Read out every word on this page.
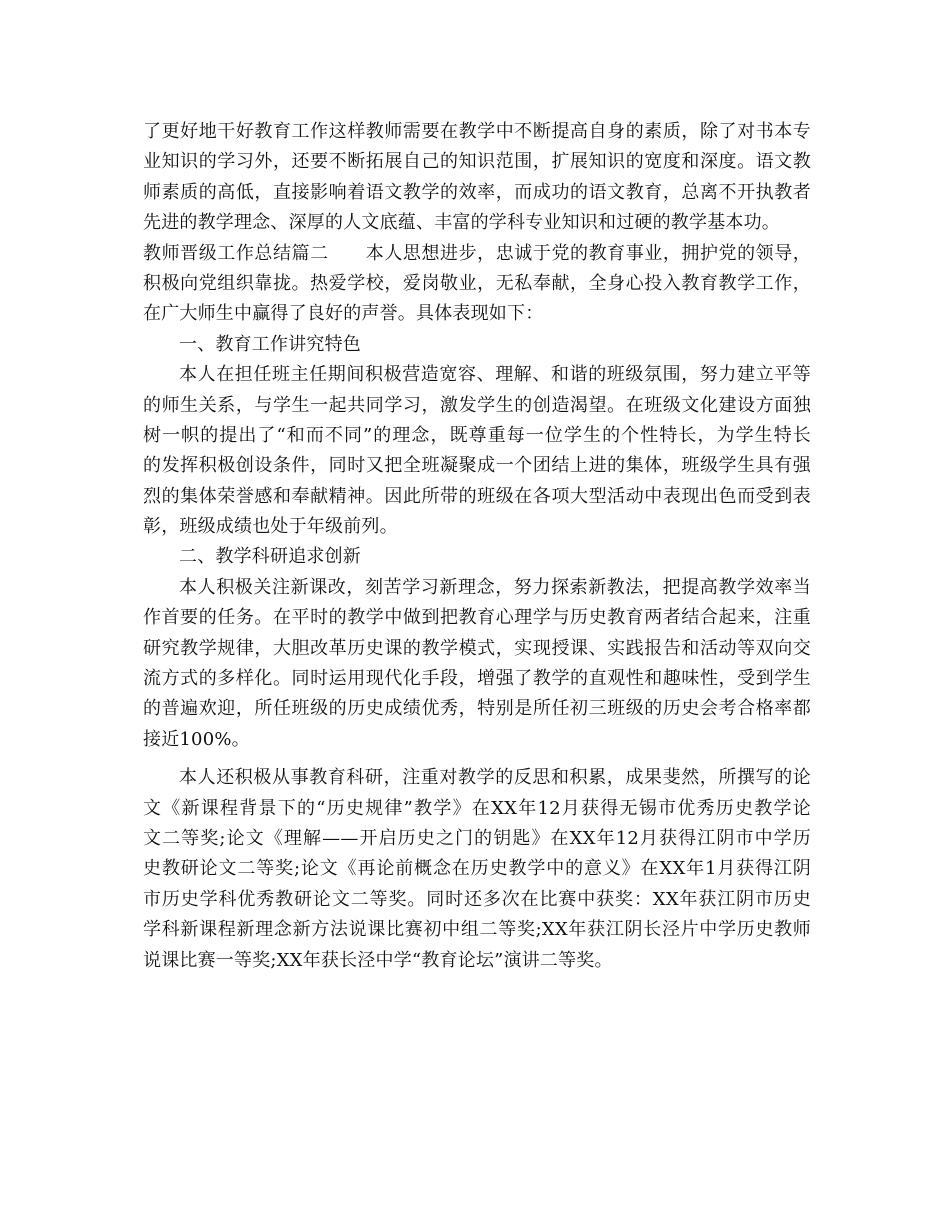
了更好地干好教育工作这样教师需要在教学中不断提高自身的素质，除了对书本专
业知识的学习外，还要不断拓展自己的知识范围，扩展知识的宽度和深度。语文教
师素质的高低，直接影响着语文教学的效率，而成功的语文教育，总离不开执教者
先进的教学理念、深厚的人文底蕴、丰富的学科专业知识和过硬的教学基本功。
教师晋级工作总结篇二　　本人思想进步，忠诚于党的教育事业，拥护党的领导，
积极向党组织靠拢。热爱学校，爱岗敬业，无私奉献，全身心投入教育教学工作，
在广大师生中赢得了良好的声誉。具体表现如下：
一、教育工作讲究特色
本人在担任班主任期间积极营造宽容、理解、和谐的班级氛围，努力建立平等
的师生关系，与学生一起共同学习，激发学生的创造渴望。在班级文化建设方面独
树一帜的提出了“和而不同”的理念，既尊重每一位学生的个性特长，为学生特长
的发挥积极创设条件，同时又把全班凝聚成一个团结上进的集体，班级学生具有强
烈的集体荣誉感和奉献精神。因此所带的班级在各项大型活动中表现出色而受到表
彰，班级成绩也处于年级前列。
二、教学科研追求创新
本人积极关注新课改，刻苦学习新理念，努力探索新教法，把提高教学效率当
作首要的任务。在平时的教学中做到把教育心理学与历史教育两者结合起来，注重
研究教学规律，大胆改革历史课的教学模式，实现授课、实践报告和活动等双向交
流方式的多样化。同时运用现代化手段，增强了教学的直观性和趣味性，受到学生
的普遍欢迎，所任班级的历史成绩优秀，特别是所任初三班级的历史会考合格率都
接近100%。
本人还积极从事教育科研，注重对教学的反思和积累，成果斐然，所撰写的论
文《新课程背景下的“历史规律”教学》在XX年12月获得无锡市优秀历史教学论
文二等奖;论文《理解——开启历史之门的钥匙》在XX年12月获得江阴市中学历
史教研论文二等奖;论文《再论前概念在历史教学中的意义》在XX年1月获得江阴
市历史学科优秀教研论文二等奖。同时还多次在比赛中获奖：XX年获江阴市历史
学科新课程新理念新方法说课比赛初中组二等奖;XX年获江阴长泾片中学历史教师
说课比赛一等奖;XX年获长泾中学“教育论坛”演讲二等奖。
